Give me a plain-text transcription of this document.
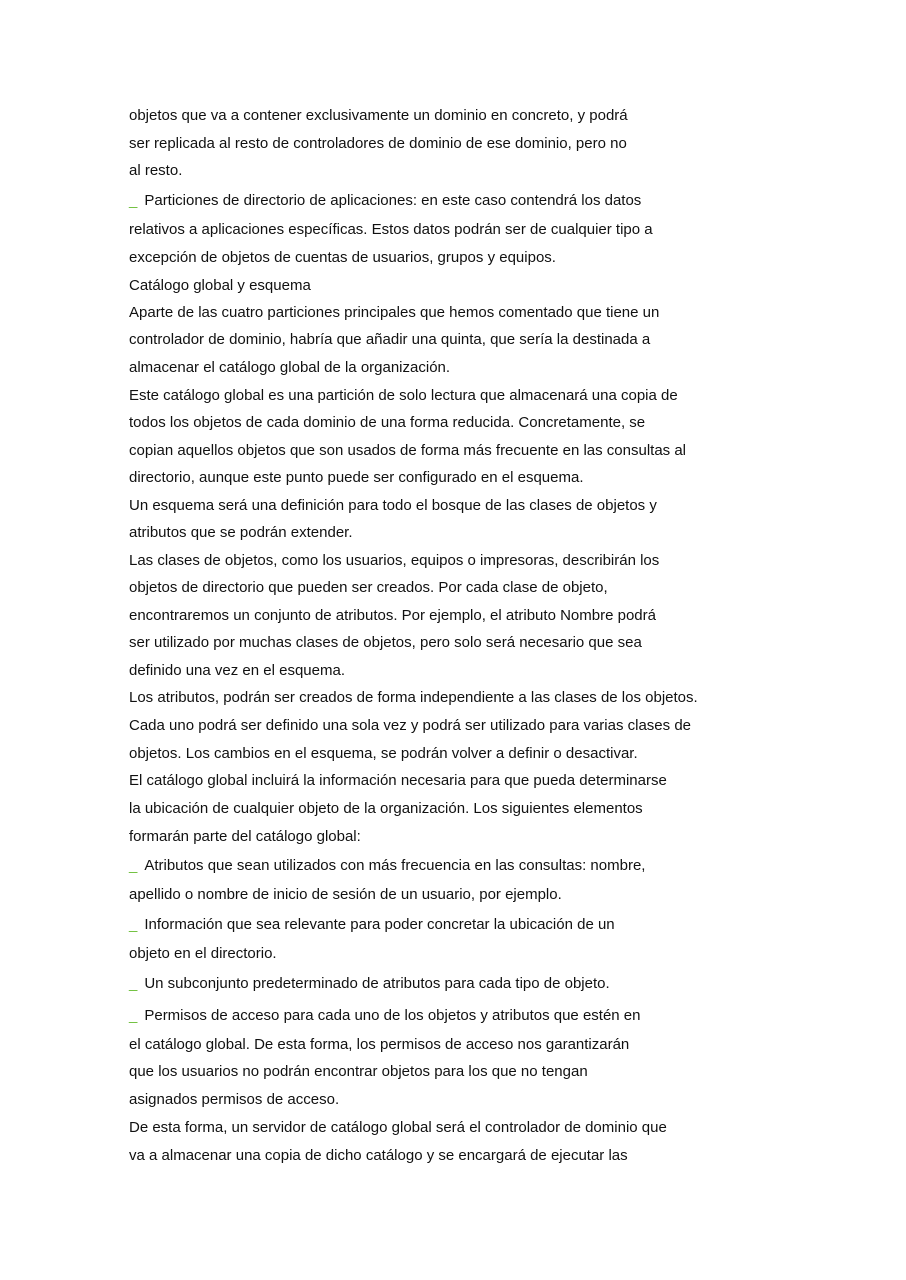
objetos que va a contener exclusivamente un dominio en concreto, y podrá
ser replicada al resto de controladores de dominio de ese dominio, pero no
al resto.
_ Particiones de directorio de aplicaciones: en este caso contendrá los datos
relativos a aplicaciones específicas. Estos datos podrán ser de cualquier tipo a
excepción de objetos de cuentas de usuarios, grupos y equipos.
Catálogo global y esquema
Aparte de las cuatro particiones principales que hemos comentado que tiene un
controlador de dominio, habría que añadir una quinta, que sería la destinada a
almacenar el catálogo global de la organización.
Este catálogo global es una partición de solo lectura que almacenará una copia de
todos los objetos de cada dominio de una forma reducida. Concretamente, se
copian aquellos objetos que son usados de forma más frecuente en las consultas al
directorio, aunque este punto puede ser configurado en el esquema.
Un esquema será una definición para todo el bosque de las clases de objetos y
atributos que se podrán extender.
Las clases de objetos, como los usuarios, equipos o impresoras, describirán los
objetos de directorio que pueden ser creados. Por cada clase de objeto,
encontraremos un conjunto de atributos. Por ejemplo, el atributo Nombre podrá
ser utilizado por muchas clases de objetos, pero solo será necesario que sea
definido una vez en el esquema.
Los atributos, podrán ser creados de forma independiente a las clases de los objetos.
Cada uno podrá ser definido una sola vez y podrá ser utilizado para varias clases de
objetos. Los cambios en el esquema, se podrán volver a definir o desactivar.
El catálogo global incluirá la información necesaria para que pueda determinarse
la ubicación de cualquier objeto de la organización. Los siguientes elementos
formarán parte del catálogo global:
_ Atributos que sean utilizados con más frecuencia en las consultas: nombre,
apellido o nombre de inicio de sesión de un usuario, por ejemplo.
_ Información que sea relevante para poder concretar la ubicación de un
objeto en el directorio.
_ Un subconjunto predeterminado de atributos para cada tipo de objeto.
_ Permisos de acceso para cada uno de los objetos y atributos que estén en
el catálogo global. De esta forma, los permisos de acceso nos garantizarán
que los usuarios no podrán encontrar objetos para los que no tengan
asignados permisos de acceso.
De esta forma, un servidor de catálogo global será el controlador de dominio que
va a almacenar una copia de dicho catálogo y se encargará de ejecutar las
